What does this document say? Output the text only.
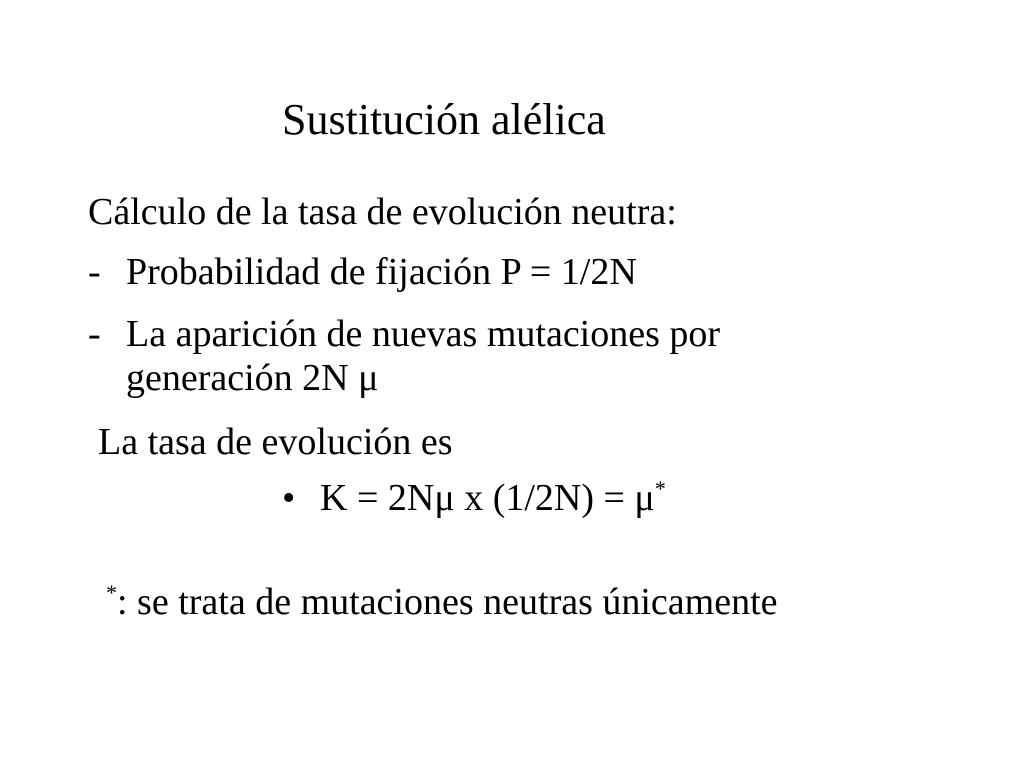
Sustitución alélica
Cálculo de la tasa de evolución neutra:
- Probabilidad de fijación P = 1/2N
- La aparición de nuevas mutaciones por
generación 2N μ
La tasa de evolución es
• K = 2Nμ x (1/2N) = μ*
*: se trata de mutaciones neutras únicamente
